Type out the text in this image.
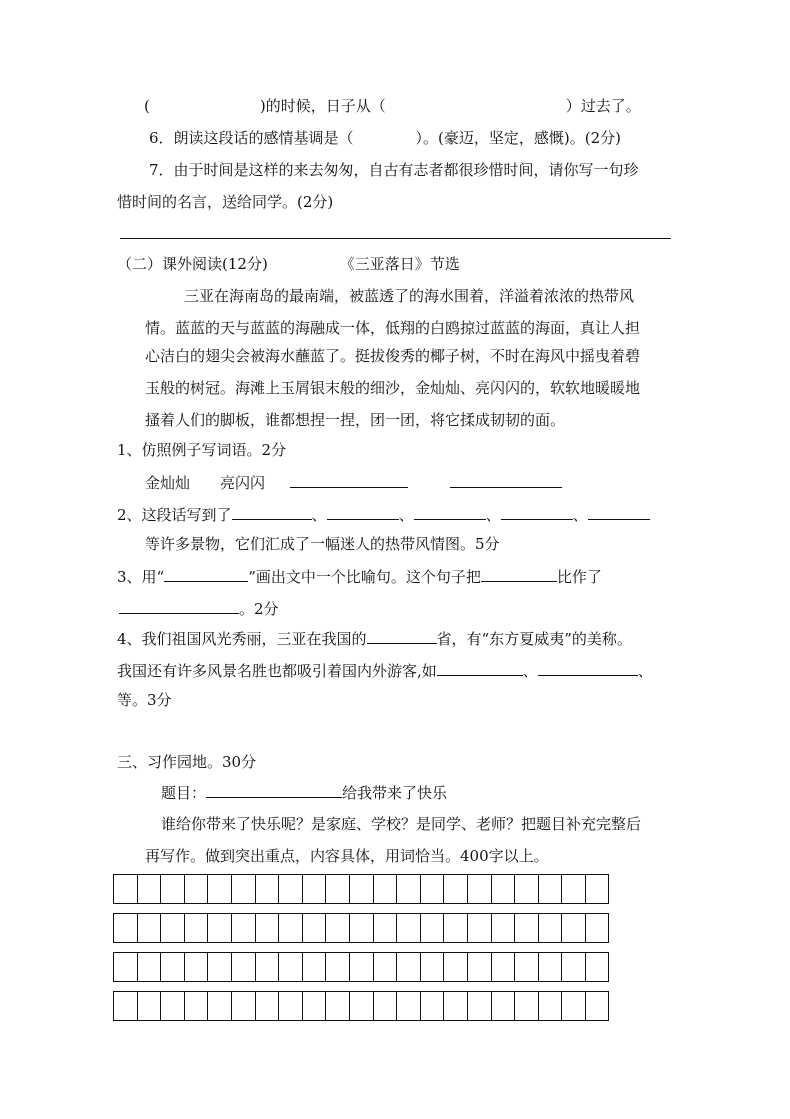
(	)的时候，日子从（	）过去了。
6．朗读这段话的感情基调是（	）。(豪迈，坚定，感慨)。(2分)
7．由于时间是这样的来去匆匆，自古有志者都很珍惜时间，请你写一句珍
惜时间的名言，送给同学。(2分)
（二）课外阅读(12分)	《三亚落日》节选
三亚在海南岛的最南端，被蓝透了的海水围着，洋溢着浓浓的热带风
情。蓝蓝的天与蓝蓝的海融成一体，低翔的白鸥掠过蓝蓝的海面，真让人担
心洁白的翅尖会被海水蘸蓝了。挺拔俊秀的椰子树，不时在海风中摇曳着碧
玉般的树冠。海滩上玉屑银末般的细沙，金灿灿、亮闪闪的，软软地暖暖地
搔着人们的脚板，谁都想捏一捏，团一团，将它揉成韧韧的面。
1、仿照例子写词语。2分
金灿灿 亮闪闪
2、这段话写到了	、	、	、	、
等许多景物，它们汇成了一幅迷人的热带风情图。5分
3、用“	”画出文中一个比喻句。这个句子把	比作了
。2分
4、我们祖国风光秀丽，三亚在我国的	省，有“东方夏威夷”的美称。
我国还有许多风景名胜也都吸引着国内外游客,如	、	、
等。3分
三、习作园地。30分
题目：	给我带来了快乐
谁给你带来了快乐呢？是家庭、学校？是同学、老师？把题目补充完整后
再写作。做到突出重点，内容具体，用词恰当。400字以上。
